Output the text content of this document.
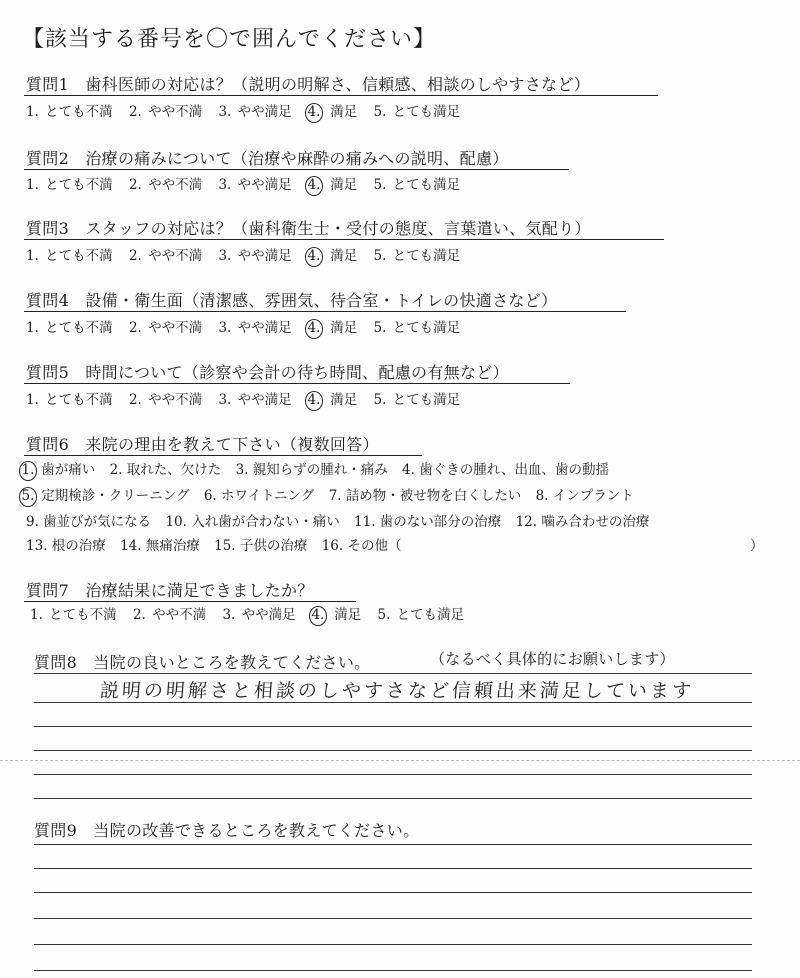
【該当する番号を〇で囲んでください】
質問1　歯科医師の対応は？（説明の明解さ、信頼感、相談のしやすさなど）
1. とても不満 2. やや不満 3. やや満足 4. 満足 5. とても満足
質問2　治療の痛みについて（治療や麻酔の痛みへの説明、配慮）
1. とても不満 2. やや不満 3. やや満足 4. 満足 5. とても満足
質問3　スタッフの対応は？（歯科衛生士・受付の態度、言葉遣い、気配り）
1. とても不満 2. やや不満 3. やや満足 4. 満足 5. とても満足
質問4　設備・衛生面（清潔感、雰囲気、待合室・トイレの快適さなど）
1. とても不満 2. やや不満 3. やや満足 4. 満足 5. とても満足
質問5　時間について（診察や会計の待ち時間、配慮の有無など）
1. とても不満 2. やや不満 3. やや満足 4. 満足 5. とても満足
質問6　来院の理由を教えて下さい（複数回答）
1. 歯が痛い 2. 取れた、欠けた 3. 親知らずの腫れ・痛み 4. 歯ぐきの腫れ、出血、歯の動揺
5. 定期検診・クリーニング 6. ホワイトニング 7. 詰め物・被せ物を白くしたい 8. インプラント
9. 歯並びが気になる 10. 入れ歯が合わない・痛い 11. 歯のない部分の治療 12. 噛み合わせの治療
13. 根の治療 14. 無痛治療 15. 子供の治療 16. その他（	）
質問7　治療結果に満足できましたか？
1. とても不満 2. やや不満 3. やや満足 4. 満足 5. とても満足
質問8　当院の良いところを教えてください。	（なるべく具体的にお願いします）
説明の明解さと相談のしやすさなど信頼出来満足しています
質問9　当院の改善できるところを教えてください。
